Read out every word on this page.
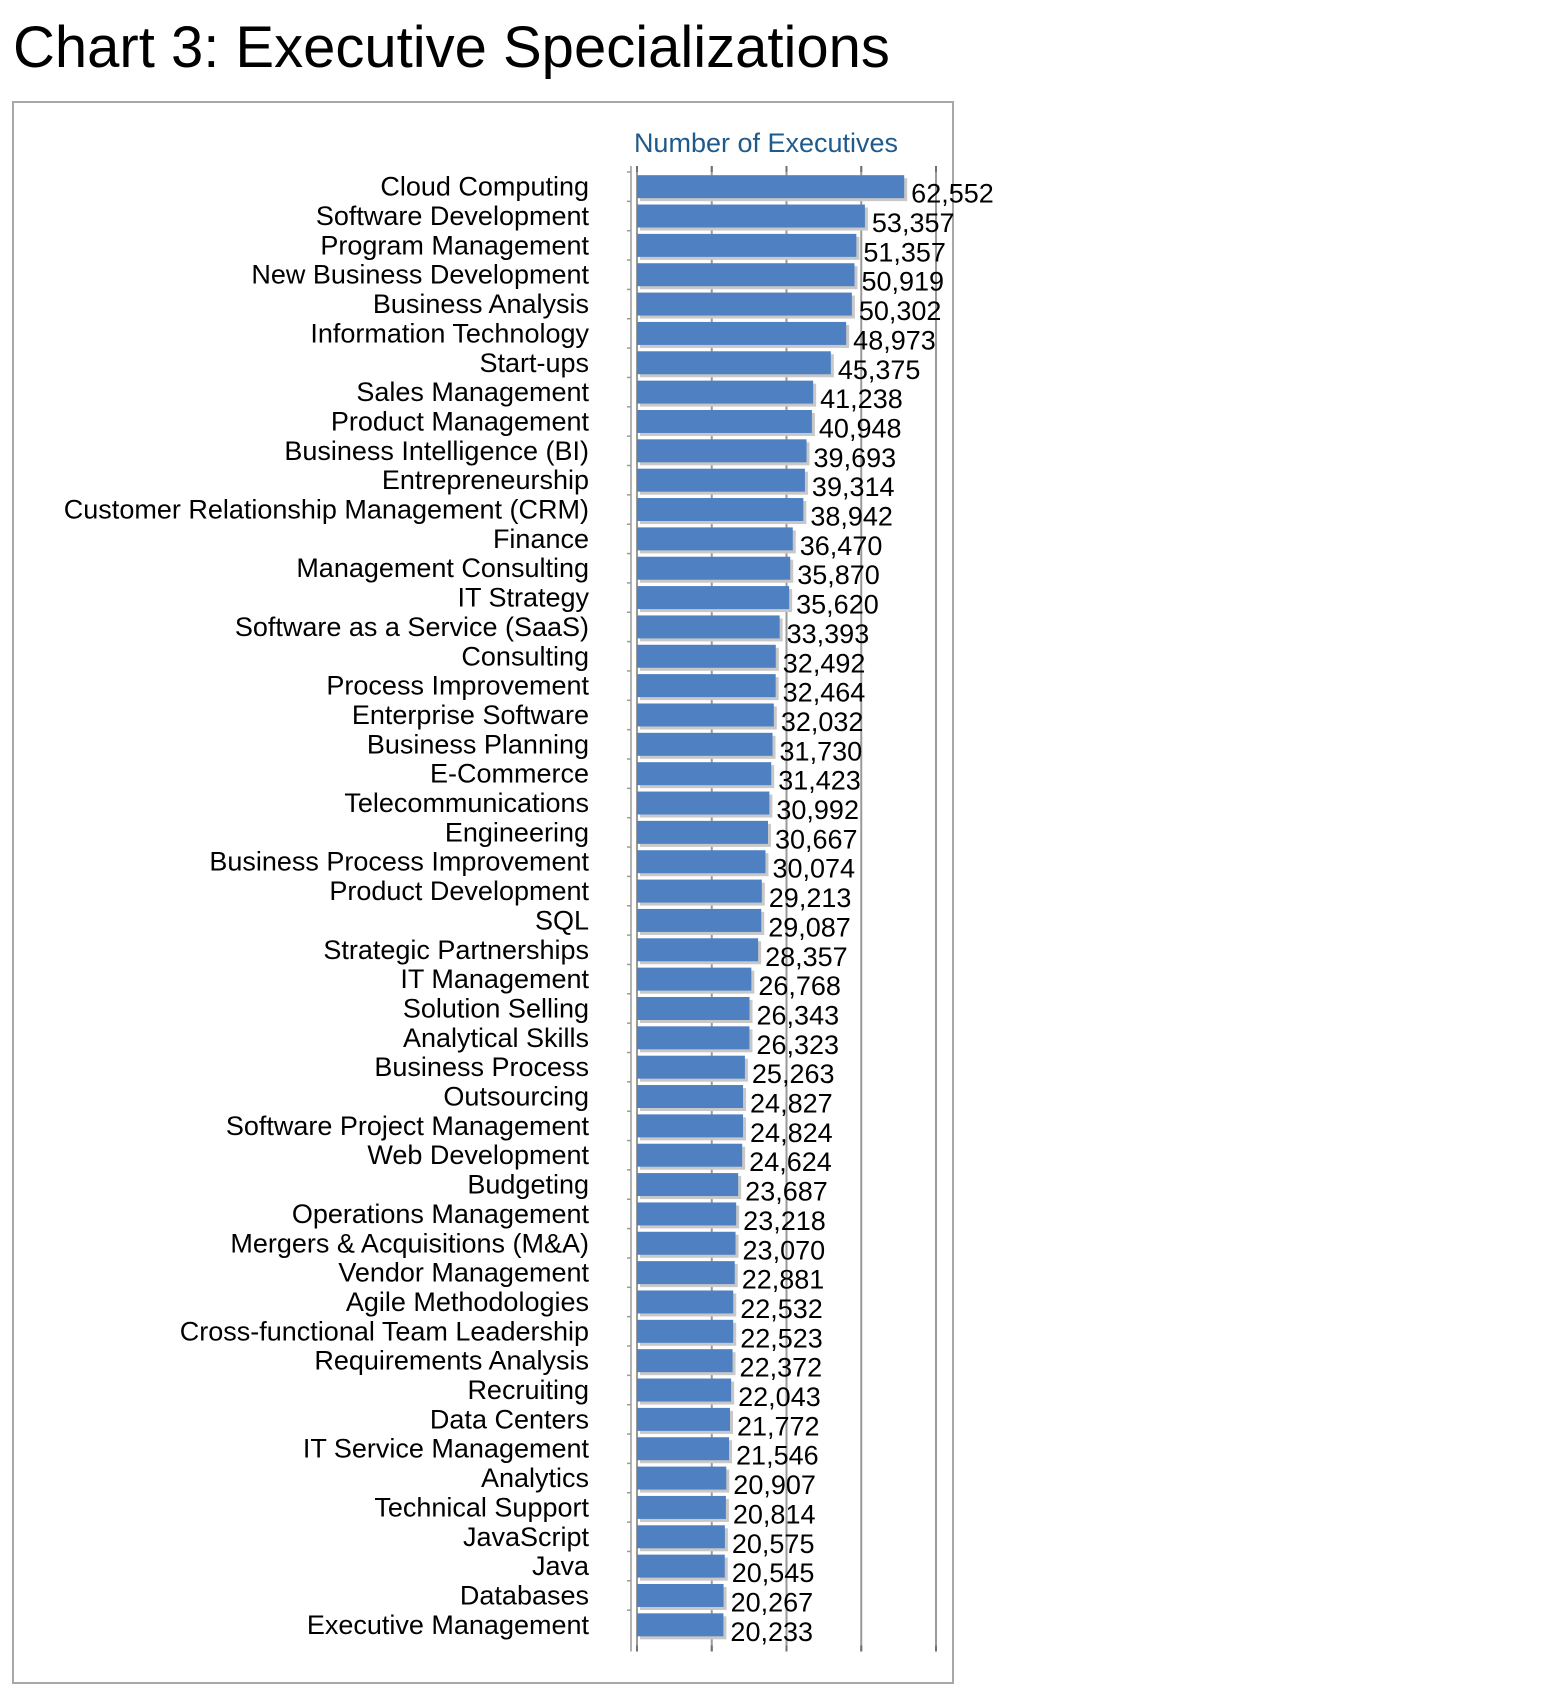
Chart 3: Executive Specializations
Number of Executives
Cloud Computing	62,552
Software Development	53,357
Program Management	51,357
New Business Development	50,919
Business Analysis	50,302
Information Technology	48,973
Start-ups	45,375
Sales Management	41,238
Product Management	40,948
Business Intelligence (BI)	39,693
Entrepreneurship	39,314
Customer Relationship Management (CRM)	38,942
Finance	36,470
Management Consulting	35,870
IT Strategy	35,620
Software as a Service (SaaS)	33,393
Consulting	32,492
Process Improvement	32,464
Enterprise Software	32,032
Business Planning	31,730
E-Commerce	31,423
Telecommunications	30,992
Engineering	30,667
Business Process Improvement	30,074
Product Development	29,213
SQL	29,087
Strategic Partnerships	28,357
IT Management	26,768
Solution Selling	26,343
Analytical Skills	26,323
Business Process	25,263
Outsourcing	24,827
Software Project Management	24,824
Web Development	24,624
Budgeting	23,687
Operations Management	23,218
Mergers & Acquisitions (M&A)	23,070
Vendor Management	22,881
Agile Methodologies	22,532
Cross-functional Team Leadership	22,523
Requirements Analysis	22,372
Recruiting	22,043
Data Centers	21,772
IT Service Management	21,546
Analytics	20,907
Technical Support	20,814
JavaScript	20,575
Java	20,545
Databases	20,267
Executive Management	20,233
